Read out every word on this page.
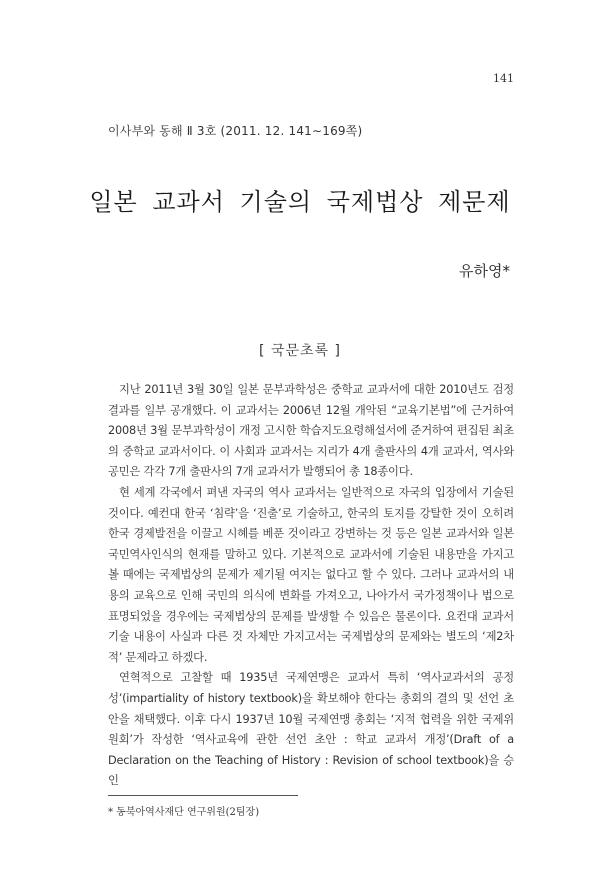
141
이사부와 동해 Ⅱ 3호 (2011. 12. 141∼169쪽)
일본 교과서 기술의 국제법상 제문제
유하영*
[ 국문초록 ]

지난 2011년 3월 30일 일본 문부과학성은 중학교 교과서에 대한 2010년도 검정결과를 일부 공개했다. 이 교과서는 2006년 12월 개악된 “교육기본법”에 근거하여 2008년 3월 문부과학성이 개정 고시한 학습지도요령해설서에 준거하여 편집된 최초의 중학교 교과서이다. 이 사회과 교과서는 지리가 4개 출판사의 4개 교과서, 역사와 공민은 각각 7개 출판사의 7개 교과서가 발행되어 총 18종이다.

현 세계 각국에서 펴낸 자국의 역사 교과서는 일반적으로 자국의 입장에서 기술된 것이다. 예컨대 한국 ‘침략’을 ‘진출’로 기술하고, 한국의 토지를 강탈한 것이 오히려 한국 경제발전을 이끌고 시혜를 베푼 것이라고 강변하는 것 등은 일본 교과서와 일본 국민역사인식의 현재를 말하고 있다. 기본적으로 교과서에 기술된 내용만을 가지고 볼 때에는 국제법상의 문제가 제기될 여지는 없다고 할 수 있다. 그러나 교과서의 내용의 교육으로 인해 국민의 의식에 변화를 가져오고, 나아가서 국가정책이나 법으로 표명되었을 경우에는 국제법상의 문제를 발생할 수 있음은 물론이다. 요컨대 교과서 기술 내용이 사실과 다른 것 자체만 가지고서는 국제법상의 문제와는 별도의 ‘제2차적’ 문제라고 하겠다.

연혁적으로 고찰할 때 1935년 국제연맹은 교과서 특히 ‘역사교과서의 공정성’(impartiality of history textbook)을 확보해야 한다는 총회의 결의 및 선언 초안을 채택했다. 이후 다시 1937년 10월 국제연맹 총회는 ‘지적 협력을 위한 국제위원회’가 작성한 ‘역사교육에 관한 선언 초안 : 학교 교과서 개정’(Draft of a Declaration on the Teaching of History : Revision of school textbook)을 승인

* 동북아역사재단 연구위원(2팀장)
